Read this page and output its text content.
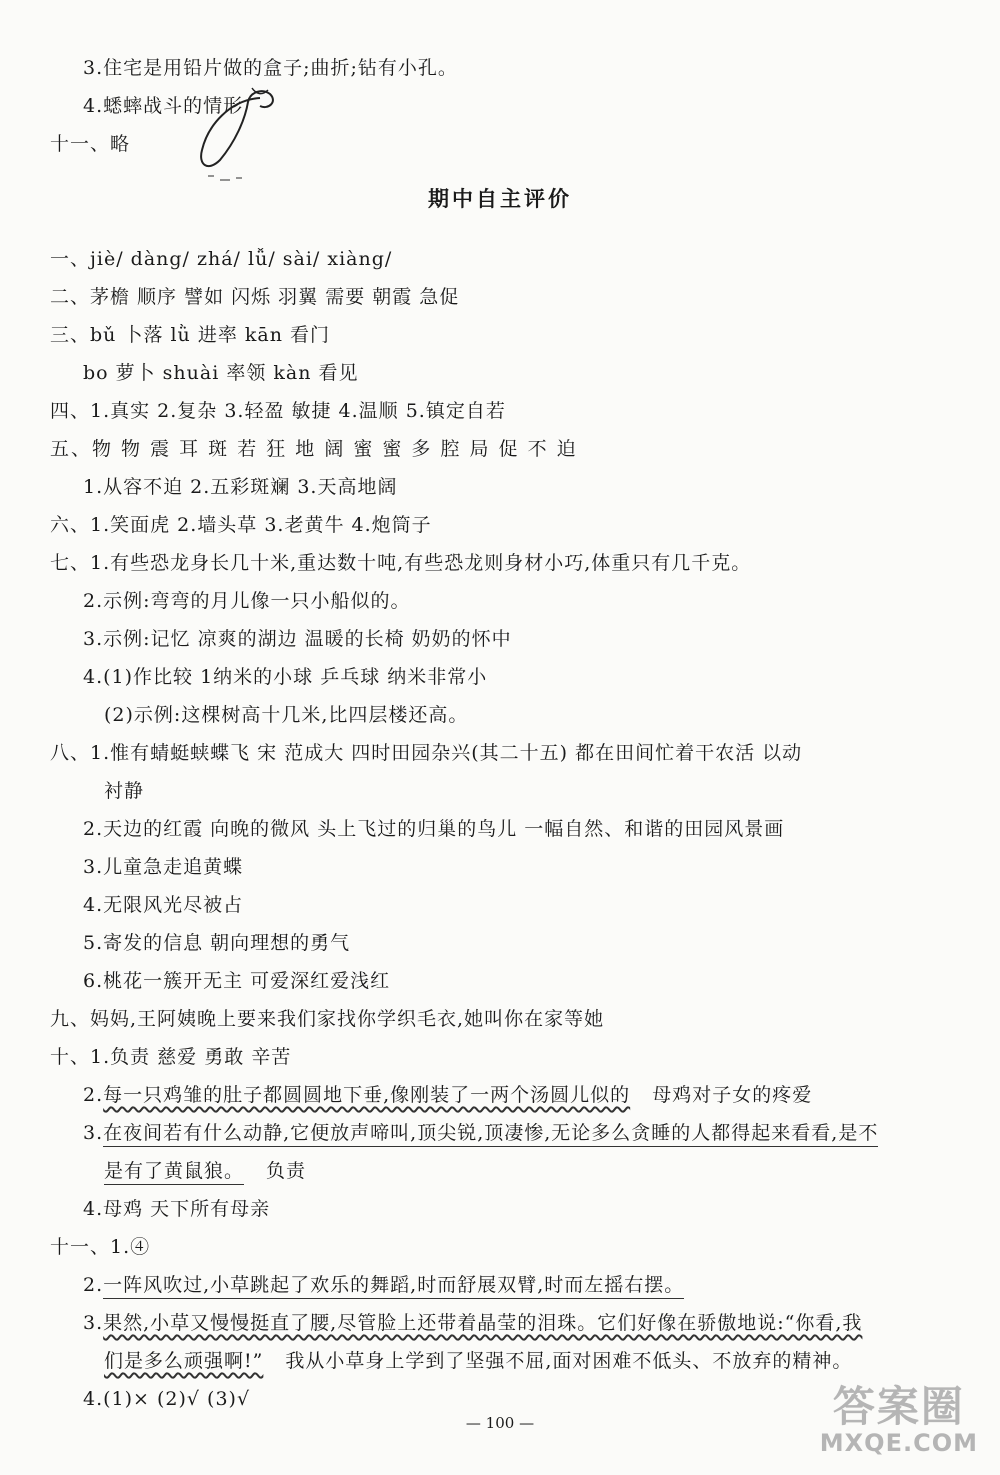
3.住宅是用铅片做的盒子;曲折;钻有小孔。
4.蟋蟀战斗的情形
十一、略
期中自主评价
一、jiè/ dàng/ zhá/ lǚ/ sài/ xiàng/
二、茅檐 顺序 譬如 闪烁 羽翼 需要 朝霞 急促
三、bǔ 卜落 lǜ 进率 kān 看门
bo 萝卜 shuài 率领 kàn 看见
四、1.真实 2.复杂 3.轻盈 敏捷 4.温顺 5.镇定自若
五、物 物 震 耳 斑 若 狂 地 阔 蜜 蜜 多 腔 局 促 不 迫
1.从容不迫 2.五彩斑斓 3.天高地阔
六、1.笑面虎 2.墙头草 3.老黄牛 4.炮筒子
七、1.有些恐龙身长几十米,重达数十吨,有些恐龙则身材小巧,体重只有几千克。
2.示例:弯弯的月儿像一只小船似的。
3.示例:记忆 凉爽的湖边 温暖的长椅 奶奶的怀中
4.(1)作比较 1纳米的小球 乒乓球 纳米非常小
(2)示例:这棵树高十几米,比四层楼还高。
八、1.惟有蜻蜓蛱蝶飞 宋 范成大 四时田园杂兴(其二十五) 都在田间忙着干农活 以动
衬静
2.天边的红霞 向晚的微风 头上飞过的归巢的鸟儿 一幅自然、和谐的田园风景画
3.儿童急走追黄蝶
4.无限风光尽被占
5.寄发的信息 朝向理想的勇气
6.桃花一簇开无主 可爱深红爱浅红
九、妈妈,王阿姨晚上要来我们家找你学织毛衣,她叫你在家等她
十、1.负责 慈爱 勇敢 辛苦
2.每一只鸡雏的肚子都圆圆地下垂,像刚装了一两个汤圆儿似的 母鸡对子女的疼爱
3.在夜间若有什么动静,它便放声啼叫,顶尖锐,顶凄惨,无论多么贪睡的人都得起来看看,是不
是有了黄鼠狼。 负责
4.母鸡 天下所有母亲
十一、1.④
2.一阵风吹过,小草跳起了欢乐的舞蹈,时而舒展双臂,时而左摇右摆。
3.果然,小草又慢慢挺直了腰,尽管脸上还带着晶莹的泪珠。它们好像在骄傲地说:“你看,我
们是多么顽强啊!” 我从小草身上学到了坚强不屈,面对困难不低头、不放弃的精神。
4.(1)× (2)√ (3)√
— 100 —	答案圈
MXQE.COM
